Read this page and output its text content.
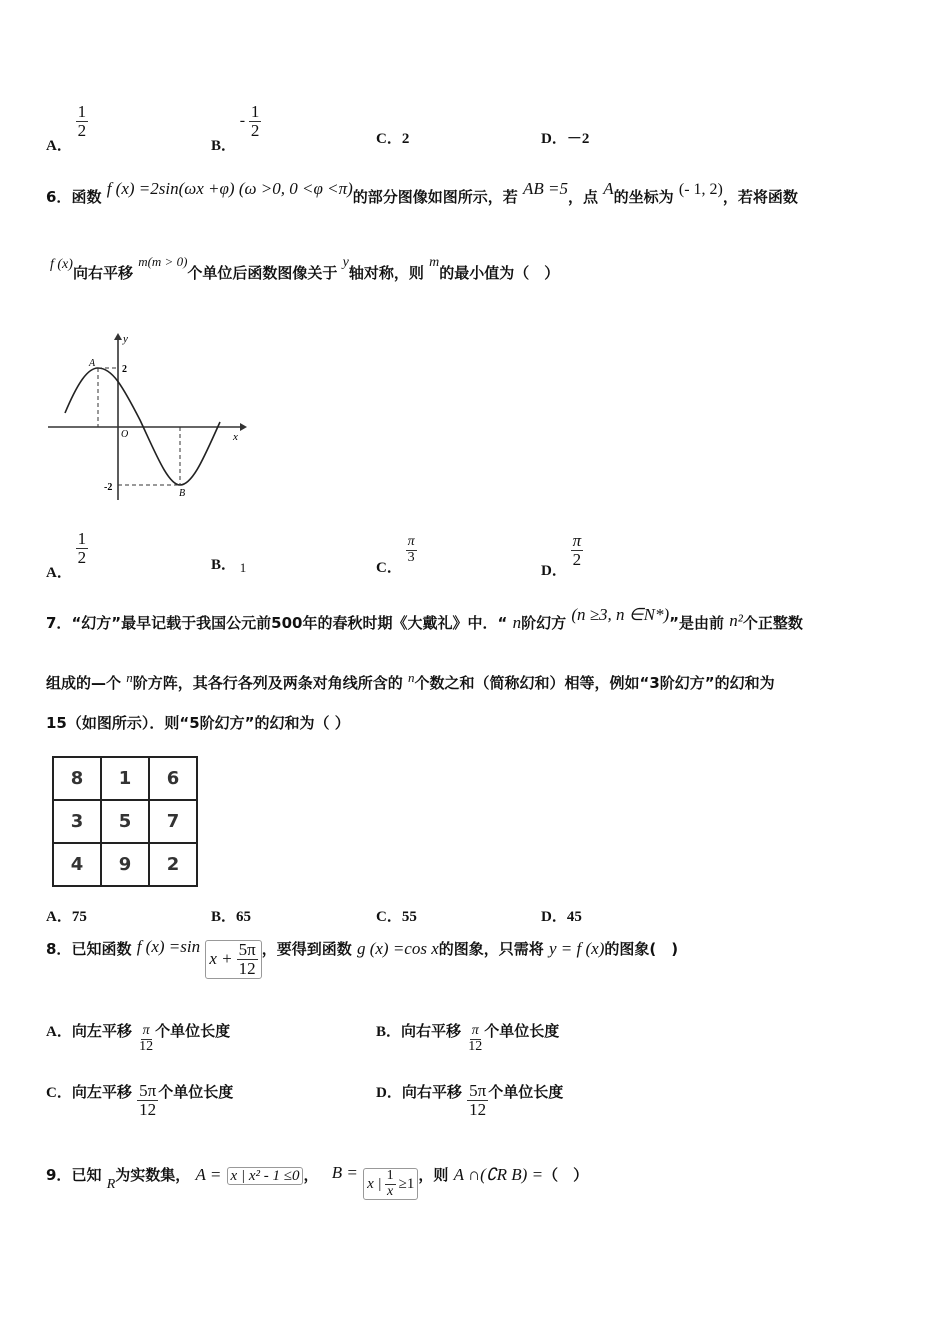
A．
$\frac{1}{2}$
B． - $\frac{1}{2}$	C．2	D．－2
6．函数 f (x) =2sin(ωx +φ) (ω >0, 0 <φ <π)的部分图像如图所示，若 AB =5，点 A的坐标为 (- 1, 2)，若将函数
f (x)向右平移 m(m > 0)个单位后函数图像关于 y轴对称，则 m的最小值为（　）
y
x
O
A
B
2
-2
A．
$\frac{1}{2}$	B． 1	C．
$\frac{\pi}{3}$
D．
$\frac{\pi}{2}$
7．“幻方”最早记载于我国公元前500年的春秋时期《大戴礼》中．“ n阶幻方 (n ≥3, n ∈N*)”是由前 n²个正整数
组成的—个 n阶方阵，其各行各列及两条对角线所含的 n个数之和（简称幻和）相等，例如“3阶幻方”的幻和为
15（如图所示）．则“5阶幻方”的幻和为（ ）
8	1	6
3	5	7
4	9	2
A．75	B．65	C．55	D．45
8．已知函数 f (x) =sin
$x + \frac{5\pi}{12}$ ，要得到函数 g (x) =cos x的图象，只需将 y = f (x)的图象(　)
A．向左平移 $\frac{\pi}{12}$ 个单位长度	B．向右平移 $\frac{\pi}{12}$ 个单位长度
C．向左平移 $\frac{5\pi}{12}$ 个单位长度	D．向右平移 $\frac{5\pi}{12}$ 个单位长度
9．已知 R为实数集， A = x | x² - 1 ≤0 ， B =
x | $\frac{1}{x} \ge 1$ ，则 A ∩(∁R B) =（　）
